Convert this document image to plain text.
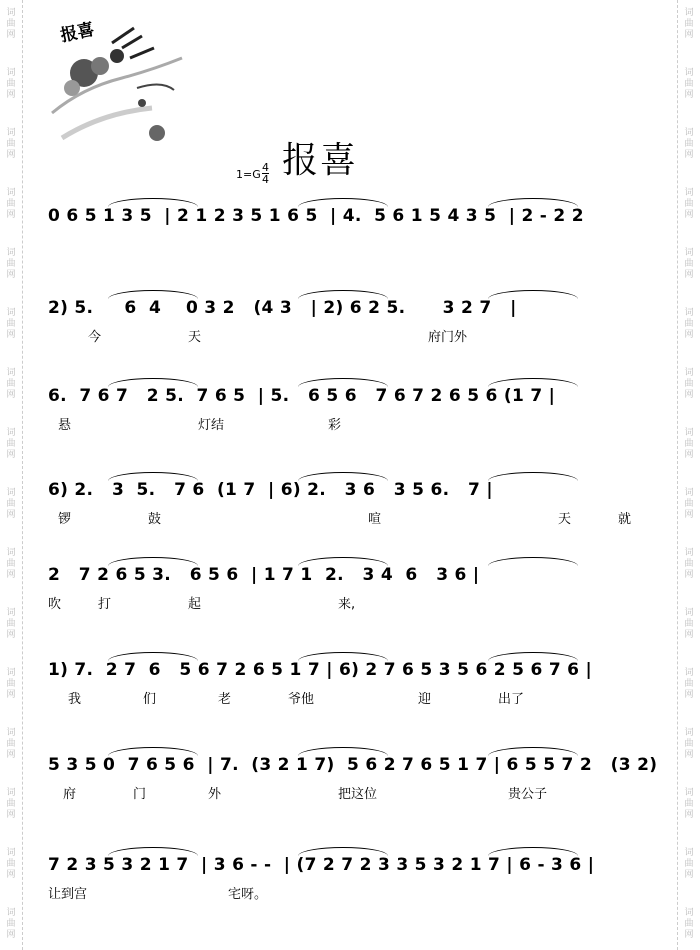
词曲网
词曲网
词曲网
词曲网
词曲网
词曲网
词曲网
词曲网
词曲网
词曲网
词曲网
词曲网
词曲网
词曲网
词曲网
词曲网
词曲网
词曲网
词曲网
词曲网
词曲网
词曲网
词曲网
词曲网
词曲网
词曲网
词曲网
词曲网
词曲网
词曲网
词曲网
词曲网
报喜
报喜
$1=G \frac{4}{4}$
0 6 5 1 3 5  | 2 1 2 3 5 1 6 5  | 4.  5 6 1 5 4 3 5  | 2 - 2 2
2) 5.     6  4    0 3 2   (4 3   | 2) 6 2 5.      3 2 7   |
今	天	府门外
6.  7 6 7   2 5.  7 6 5  | 5.   6 5 6   7 6 7 2 6 5 6 (1 7 |
悬	灯结	彩
6) 2.   3  5.   7 6  (1 7  | 6) 2.   3 6   3 5 6.   7 |
锣	鼓	喧	天	就
2   7 2 6 5 3.   6 5 6  | 1 7 1  2.   3 4  6   3 6 |
吹	打	起	来,
1) 7.  2 7  6   5 6 7 2 6 5 1 7 | 6) 2 7 6 5 3 5 6 2 5 6 7 6 |
我	们	老	爷他	迎	出了
5 3 5 0  7 6 5 6  | 7.  (3 2 1 7)  5 6 2 7 6 5 1 7 | 6 5 5 7 2   (3 2)
府	门	外	把这位	贵公子
7 2 3 5 3 2 1 7  | 3 6 - -  | (7 2 7 2 3 3 5 3 2 1 7 | 6 - 3 6 |
让到宫	宅呀。
